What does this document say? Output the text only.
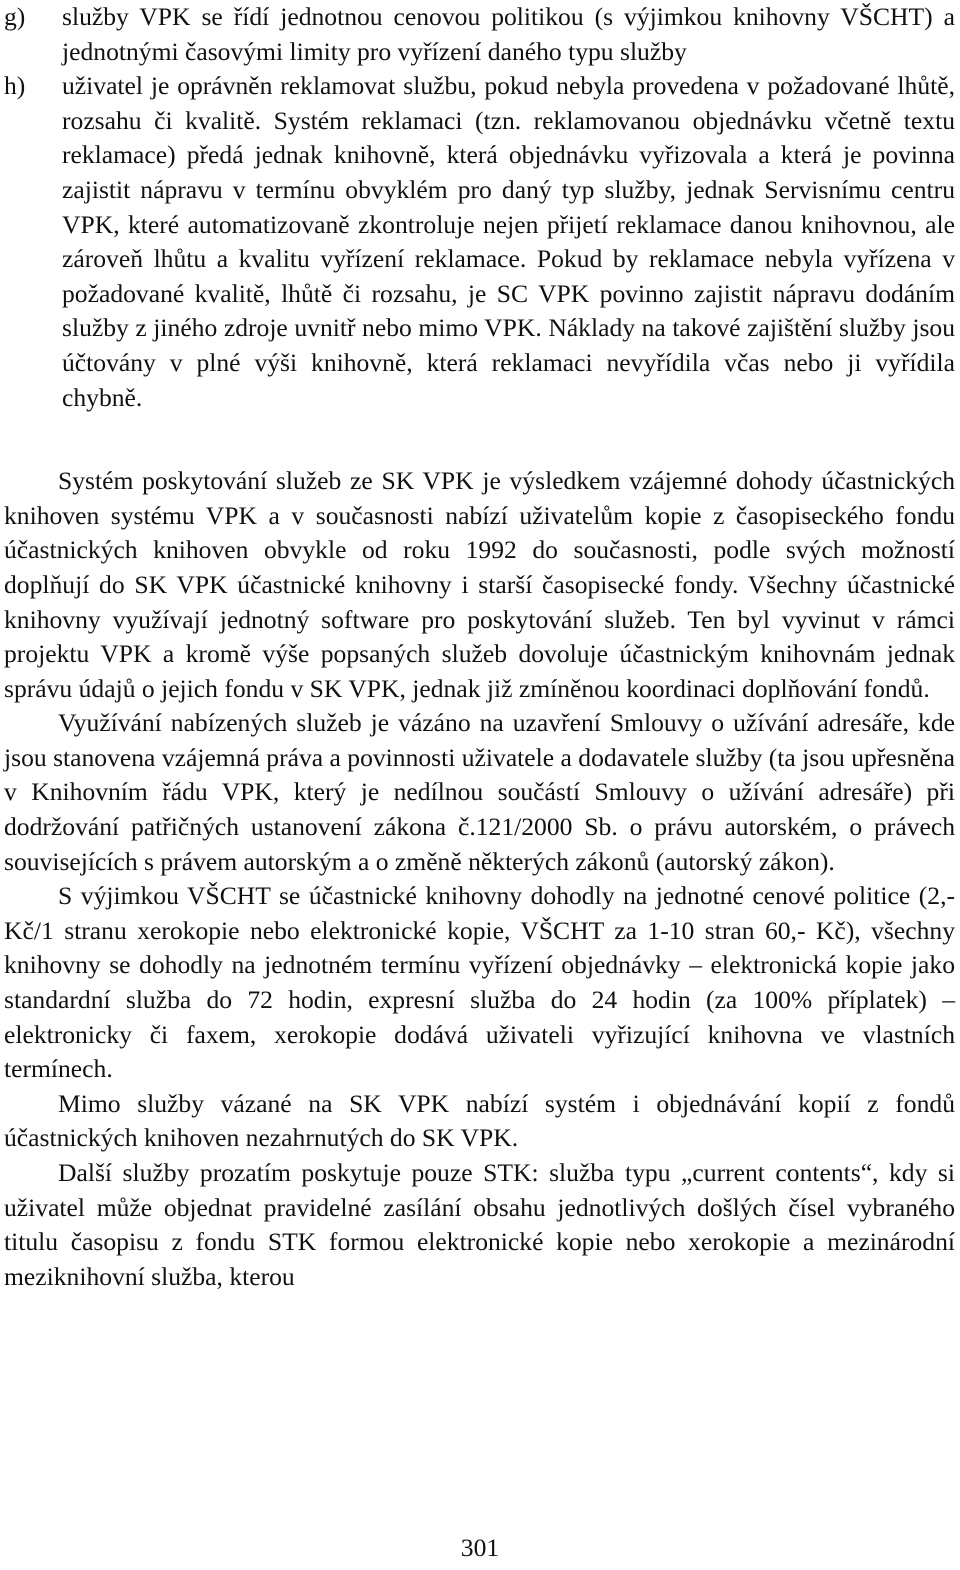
g) služby VPK se řídí jednotnou cenovou politikou (s výjimkou knihovny VŠCHT) a jednotnými časovými limity pro vyřízení daného typu služby
h) uživatel je oprávněn reklamovat službu, pokud nebyla provedena v požadované lhůtě, rozsahu či kvalitě. Systém reklamaci (tzn. reklamovanou objednávku včetně textu reklamace) předá jednak knihovně, která objednávku vyřizovala a která je povinna zajistit nápravu v termínu obvyklém pro daný typ služby, jednak Servisnímu centru VPK, které automatizovaně zkontroluje nejen přijetí reklamace danou knihovnou, ale zároveň lhůtu a kvalitu vyřízení reklamace. Pokud by reklamace nebyla vyřízena v požadované kvalitě, lhůtě či rozsahu, je SC VPK povinno zajistit nápravu dodáním služby z jiného zdroje uvnitř nebo mimo VPK. Náklady na takové zajištění služby jsou účtovány v plné výši knihovně, která reklamaci nevyřídila včas nebo ji vyřídila chybně.

Systém poskytování služeb ze SK VPK je výsledkem vzájemné dohody účastnických knihoven systému VPK a v současnosti nabízí uživatelům kopie z časopiseckého fondu účastnických knihoven obvykle od roku 1992 do současnosti, podle svých možností doplňují do SK VPK účastnické knihovny i starší časopisecké fondy. Všechny účastnické knihovny využívají jednotný software pro poskytování služeb. Ten byl vyvinut v rámci projektu VPK a kromě výše popsaných služeb dovoluje účastnickým knihovnám jednak správu údajů o jejich fondu v SK VPK, jednak již zmíněnou koordinaci doplňování fondů.

Využívání nabízených služeb je vázáno na uzavření Smlouvy o užívání adresáře, kde jsou stanovena vzájemná práva a povinnosti uživatele a dodavatele služby (ta jsou upřesněna v Knihovním řádu VPK, který je nedílnou součástí Smlouvy o užívání adresáře) při dodržování patřičných ustanovení zákona č.121/2000 Sb. o právu autorském, o právech souvisejících s právem autorským a o změně některých zákonů (autorský zákon).

S výjimkou VŠCHT se účastnické knihovny dohodly na jednotné cenové politice (2,- Kč/1 stranu xerokopie nebo elektronické kopie, VŠCHT za 1-10 stran 60,- Kč), všechny knihovny se dohodly na jednotném termínu vyřízení objednávky – elektronická kopie jako standardní služba do 72 hodin, expresní služba do 24 hodin (za 100% příplatek) – elektronicky či faxem, xerokopie dodává uživateli vyřizující knihovna ve vlastních termínech.

Mimo služby vázané na SK VPK nabízí systém i objednávání kopií z fondů účastnických knihoven nezahrnutých do SK VPK.

Další služby prozatím poskytuje pouze STK: služba typu „current contents“, kdy si uživatel může objednat pravidelné zasílání obsahu jednotlivých došlých čísel vybraného titulu časopisu z fondu STK formou elektronické kopie nebo xerokopie a mezinárodní meziknihovní služba, kterou

301
